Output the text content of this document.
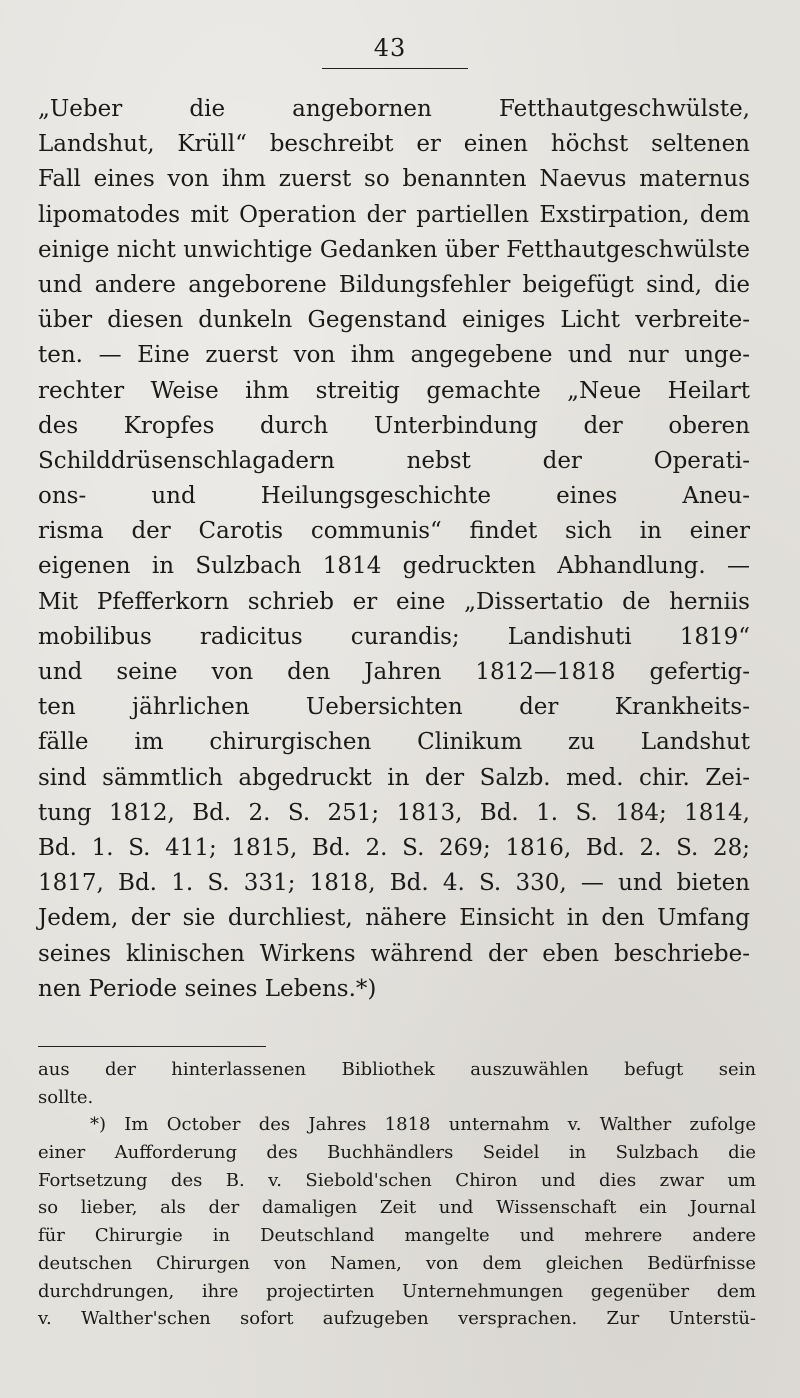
43
„Ueber die angebornen Fetthautgeschwülste,
Landshut, Krüll“ beschreibt er einen höchst seltenen
Fall eines von ihm zuerst so benannten Naevus maternus
lipomatodes mit Operation der partiellen Exstirpation, dem
einige nicht unwichtige Gedanken über Fetthautgeschwülste
und andere angeborene Bildungsfehler beigefügt sind, die
über diesen dunkeln Gegenstand einiges Licht verbreite-
ten. — Eine zuerst von ihm angegebene und nur unge-
rechter Weise ihm streitig gemachte „Neue Heilart
des Kropfes durch Unterbindung der oberen
Schilddrüsenschlagadern nebst der Operati-
ons- und Heilungsgeschichte eines Aneu-
risma der Carotis communis“ findet sich in einer
eigenen in Sulzbach 1814 gedruckten Abhandlung. —
Mit Pfefferkorn schrieb er eine „Dissertatio de herniis
mobilibus radicitus curandis; Landishuti 1819“
und seine von den Jahren 1812—1818 gefertig-
ten jährlichen Uebersichten der Krankheits-
fälle im chirurgischen Clinikum zu Landshut
sind sämmtlich abgedruckt in der Salzb. med. chir. Zei-
tung 1812, Bd. 2. S. 251; 1813, Bd. 1. S. 184; 1814,
Bd. 1. S. 411; 1815, Bd. 2. S. 269; 1816, Bd. 2. S. 28;
1817, Bd. 1. S. 331; 1818, Bd. 4. S. 330, — und bieten
Jedem, der sie durchliest, nähere Einsicht in den Umfang
seines klinischen Wirkens während der eben beschriebe-
nen Periode seines Lebens.*)
aus der hinterlassenen Bibliothek auszuwählen befugt sein
sollte.
*) Im October des Jahres 1818 unternahm v. Walther zufolge
einer Aufforderung des Buchhändlers Seidel in Sulzbach die
Fortsetzung des B. v. Siebold'schen Chiron und dies zwar um
so lieber, als der damaligen Zeit und Wissenschaft ein Journal
für Chirurgie in Deutschland mangelte und mehrere andere
deutschen Chirurgen von Namen, von dem gleichen Bedürfnisse
durchdrungen, ihre projectirten Unternehmungen gegenüber dem
v. Walther'schen sofort aufzugeben versprachen. Zur Unterstü-
